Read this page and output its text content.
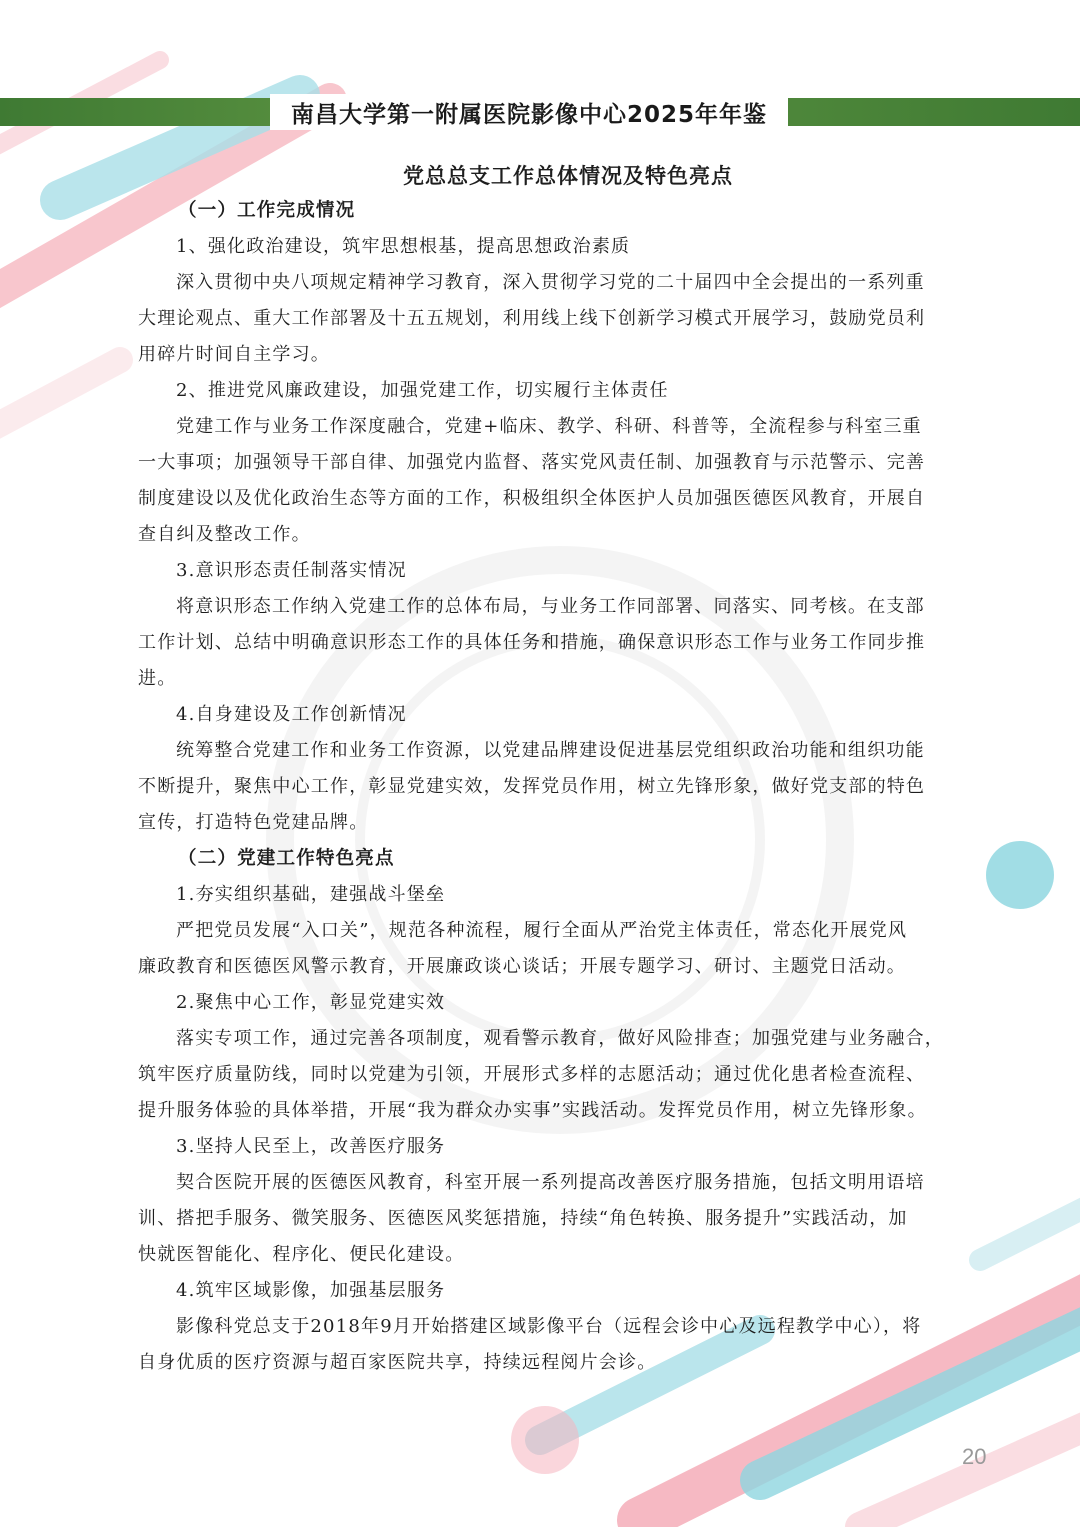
南昌大学第一附属医院影像中心2025年年鉴
党总总支工作总体情况及特色亮点

（一）工作完成情况

1、强化政治建设，筑牢思想根基，提高思想政治素质

深入贯彻中央八项规定精神学习教育，深入贯彻学习党的二十届四中全会提出的一系列重

大理论观点、重大工作部署及十五五规划，利用线上线下创新学习模式开展学习，鼓励党员利

用碎片时间自主学习。

2、推进党风廉政建设，加强党建工作，切实履行主体责任

党建工作与业务工作深度融合，党建+临床、教学、科研、科普等，全流程参与科室三重

一大事项；加强领导干部自律、加强党内监督、落实党风责任制、加强教育与示范警示、完善

制度建设以及优化政治生态等方面的工作，积极组织全体医护人员加强医德医风教育，开展自

查自纠及整改工作。

3.意识形态责任制落实情况

将意识形态工作纳入党建工作的总体布局，与业务工作同部署、同落实、同考核。在支部

工作计划、总结中明确意识形态工作的具体任务和措施，确保意识形态工作与业务工作同步推

进。

4.自身建设及工作创新情况

统筹整合党建工作和业务工作资源，以党建品牌建设促进基层党组织政治功能和组织功能

不断提升，聚焦中心工作，彰显党建实效，发挥党员作用，树立先锋形象，做好党支部的特色

宣传，打造特色党建品牌。

（二）党建工作特色亮点

1.夯实组织基础，建强战斗堡垒

严把党员发展“入口关”，规范各种流程，履行全面从严治党主体责任，常态化开展党风

廉政教育和医德医风警示教育，开展廉政谈心谈话；开展专题学习、研讨、主题党日活动。

2.聚焦中心工作，彰显党建实效

落实专项工作，通过完善各项制度，观看警示教育，做好风险排查；加强党建与业务融合，

筑牢医疗质量防线，同时以党建为引领，开展形式多样的志愿活动；通过优化患者检查流程、

提升服务体验的具体举措，开展“我为群众办实事”实践活动。发挥党员作用，树立先锋形象。

3.坚持人民至上，改善医疗服务

契合医院开展的医德医风教育，科室开展一系列提高改善医疗服务措施，包括文明用语培

训、搭把手服务、微笑服务、医德医风奖惩措施，持续“角色转换、服务提升”实践活动，加

快就医智能化、程序化、便民化建设。

4.筑牢区域影像，加强基层服务

影像科党总支于2018年9月开始搭建区域影像平台（远程会诊中心及远程教学中心），将

自身优质的医疗资源与超百家医院共享，持续远程阅片会诊。

20
